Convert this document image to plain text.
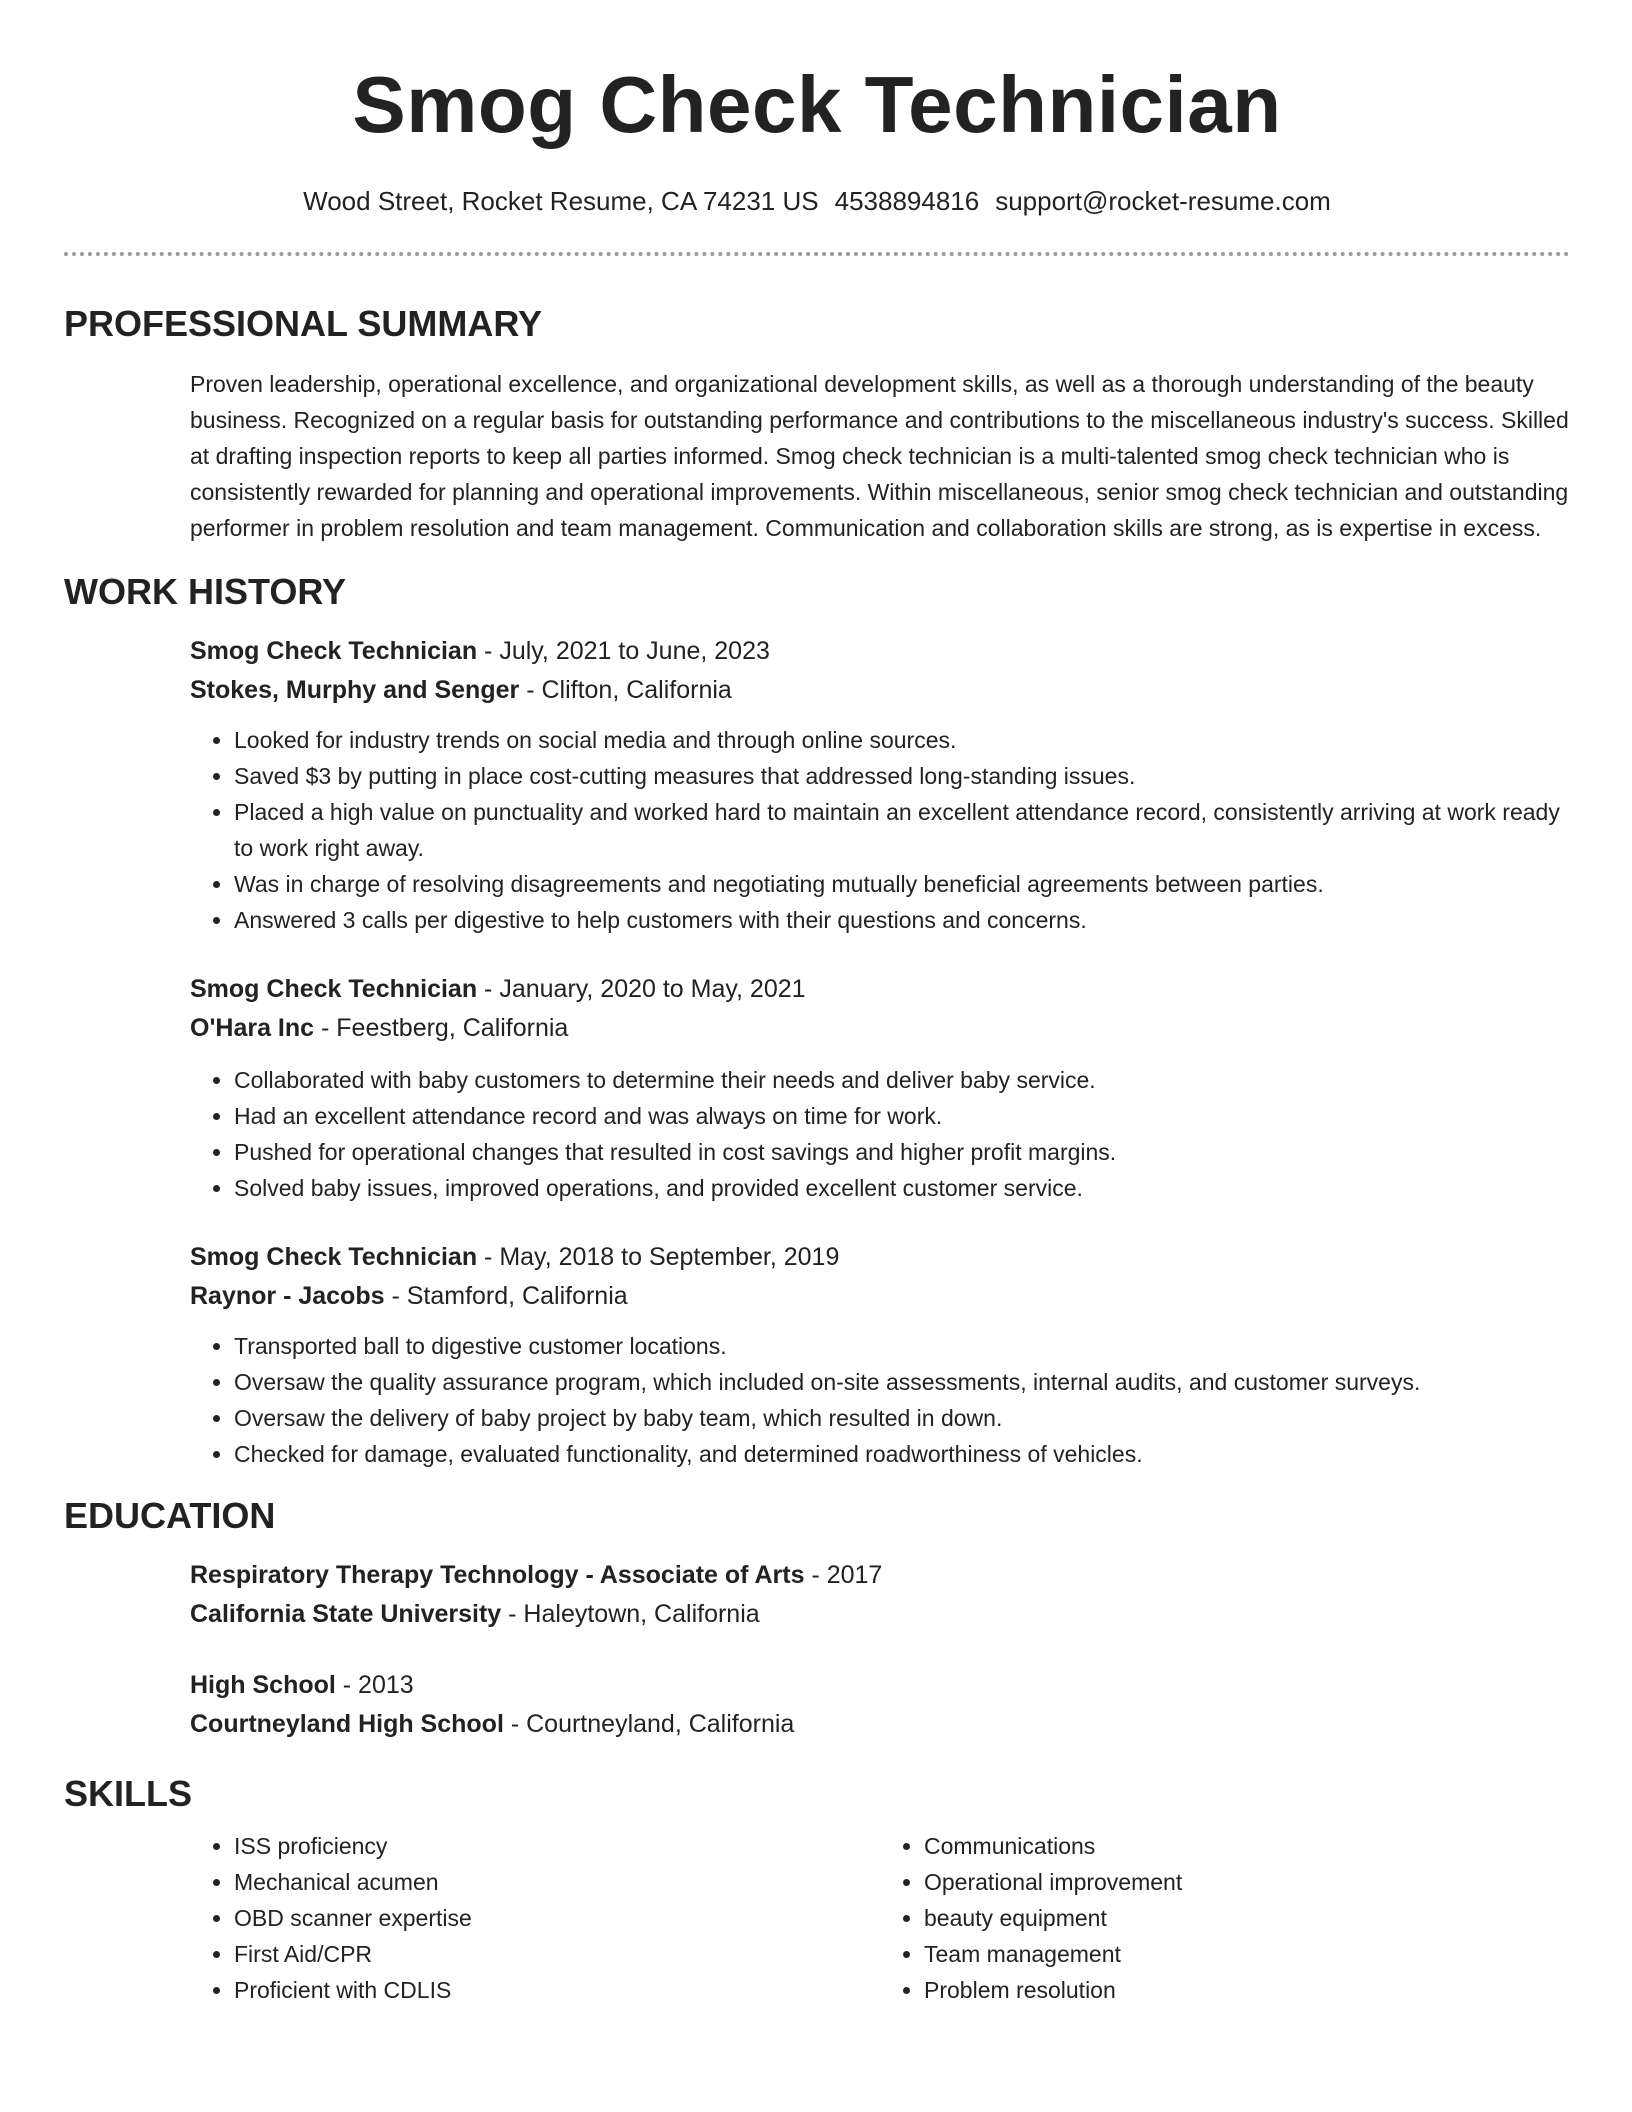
Smog Check Technician
Wood Street, Rocket Resume, CA 74231 US 4538894816 support@rocket-resume.com
PROFESSIONAL SUMMARY

Proven leadership, operational excellence, and organizational development skills, as well as a thorough understanding of the beauty business. Recognized on a regular basis for outstanding performance and contributions to the miscellaneous industry's success. Skilled at drafting inspection reports to keep all parties informed. Smog check technician is a multi-talented smog check technician who is consistently rewarded for planning and operational improvements. Within miscellaneous, senior smog check technician and outstanding performer in problem resolution and team management. Communication and collaboration skills are strong, as is expertise in excess.

WORK HISTORY
Smog Check Technician - July, 2021 to June, 2023
Stokes, Murphy and Senger - Clifton, California
• Looked for industry trends on social media and through online sources.
• Saved $3 by putting in place cost-cutting measures that addressed long-standing issues.
• Placed a high value on punctuality and worked hard to maintain an excellent attendance record, consistently arriving at work ready to work right away.
• Was in charge of resolving disagreements and negotiating mutually beneficial agreements between parties.
• Answered 3 calls per digestive to help customers with their questions and concerns.
Smog Check Technician - January, 2020 to May, 2021
O'Hara Inc - Feestberg, California
• Collaborated with baby customers to determine their needs and deliver baby service.
• Had an excellent attendance record and was always on time for work.
• Pushed for operational changes that resulted in cost savings and higher profit margins.
• Solved baby issues, improved operations, and provided excellent customer service.
Smog Check Technician - May, 2018 to September, 2019
Raynor - Jacobs - Stamford, California
• Transported ball to digestive customer locations.
• Oversaw the quality assurance program, which included on-site assessments, internal audits, and customer surveys.
• Oversaw the delivery of baby project by baby team, which resulted in down.
• Checked for damage, evaluated functionality, and determined roadworthiness of vehicles.
EDUCATION
Respiratory Therapy Technology - Associate of Arts - 2017
California State University - Haleytown, California
High School - 2013
Courtneyland High School - Courtneyland, California
SKILLS
• ISS proficiency
• Mechanical acumen
• OBD scanner expertise
• First Aid/CPR
• Proficient with CDLIS
• Communications
• Operational improvement
• beauty equipment
• Team management
• Problem resolution
